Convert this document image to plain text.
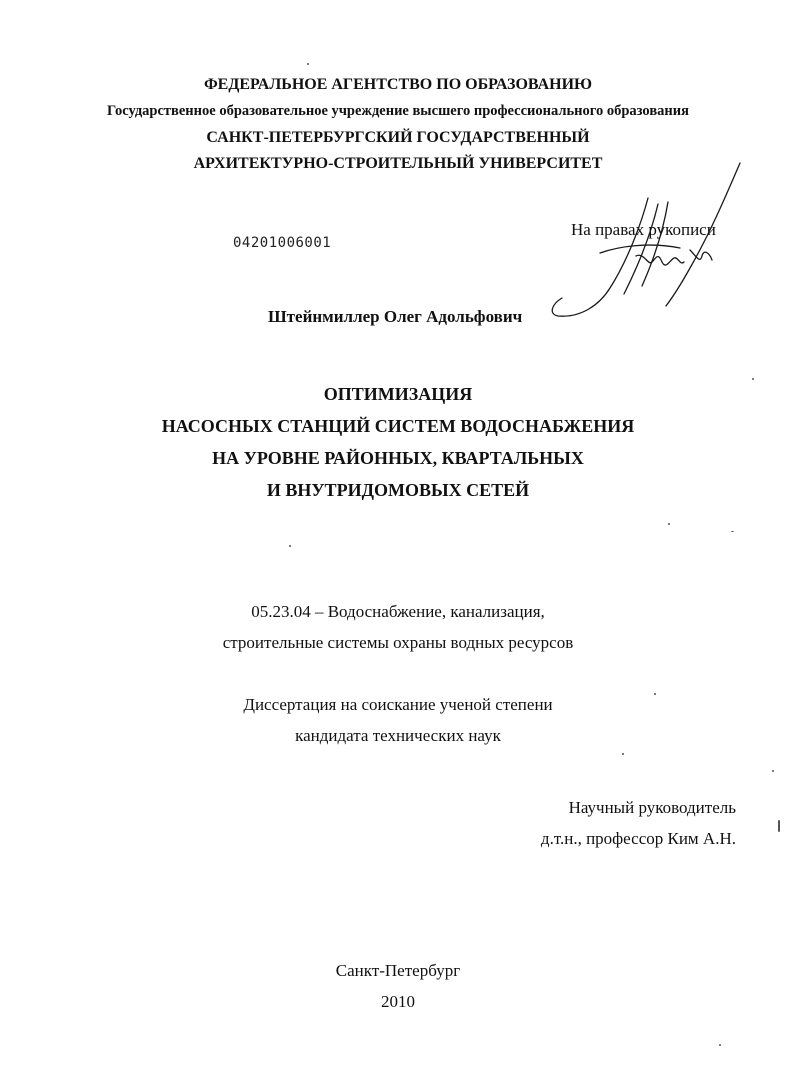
ФЕДЕРАЛЬНОЕ АГЕНТСТВО ПО ОБРАЗОВАНИЮ
Государственное образовательное учреждение высшего профессионального образования
САНКТ-ПЕТЕРБУРГСКИЙ ГОСУДАРСТВЕННЫЙ
АРХИТЕКТУРНО-СТРОИТЕЛЬНЫЙ УНИВЕРСИТЕТ
04201006001
На правах рукописи
Штейнмиллер Олег Адольфович
ОПТИМИЗАЦИЯ
НАСОСНЫХ СТАНЦИЙ СИСТЕМ ВОДОСНАБЖЕНИЯ
НА УРОВНЕ РАЙОННЫХ, КВАРТАЛЬНЫХ
И ВНУТРИДОМОВЫХ СЕТЕЙ
05.23.04 – Водоснабжение, канализация,
строительные системы охраны водных ресурсов
Диссертация на соискание ученой степени
кандидата технических наук
Научный руководитель
д.т.н., профессор Ким А.Н.
Санкт-Петербург
2010
